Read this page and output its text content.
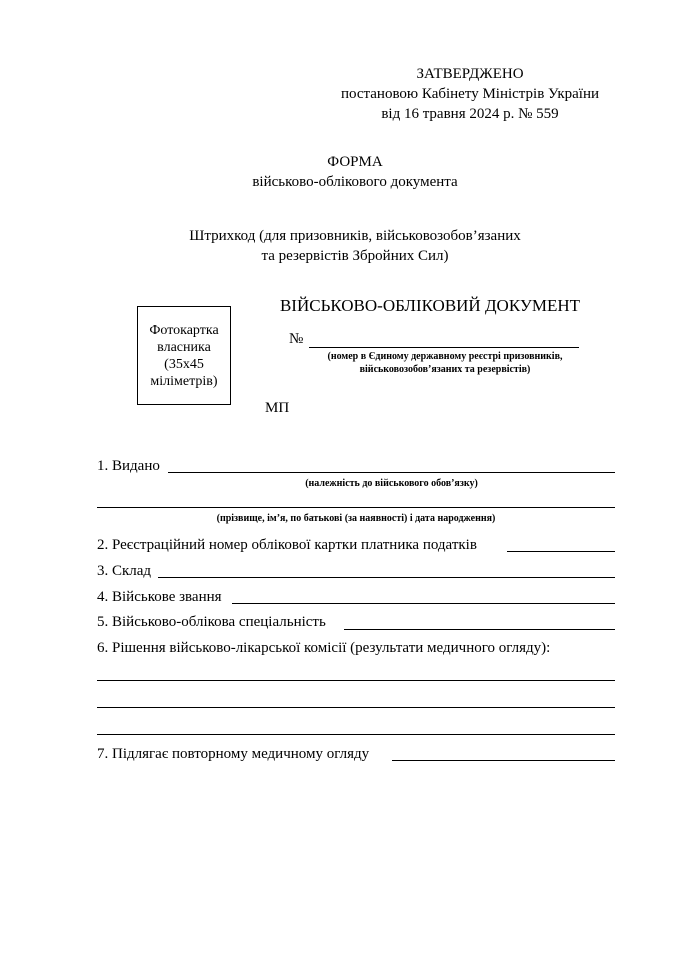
ЗАТВЕРДЖЕНО
постановою Кабінету Міністрів України
від 16 травня 2024 р. № 559
ФОРМА
військово-облікового документа
Штрихкод (для призовників, військовозобов’язаних
та резервістів Збройних Сил)
ВІЙСЬКОВО-ОБЛІКОВИЙ ДОКУМЕНТ
Фотокартка
власника
(35х45
міліметрів)
№
(номер в Єдиному державному реєстрі призовників,
військовозобов’язаних та резервістів)
МП
1. Видано
(належність до військового обов’язку)
(прізвище, ім’я, по батькові (за наявності) і дата народження)
2. Реєстраційний номер облікової картки платника податків
3. Склад
4. Військове звання
5. Військово-облікова спеціальність
6. Рішення військово-лікарської комісії (результати медичного огляду):
7. Підлягає повторному медичному огляду
